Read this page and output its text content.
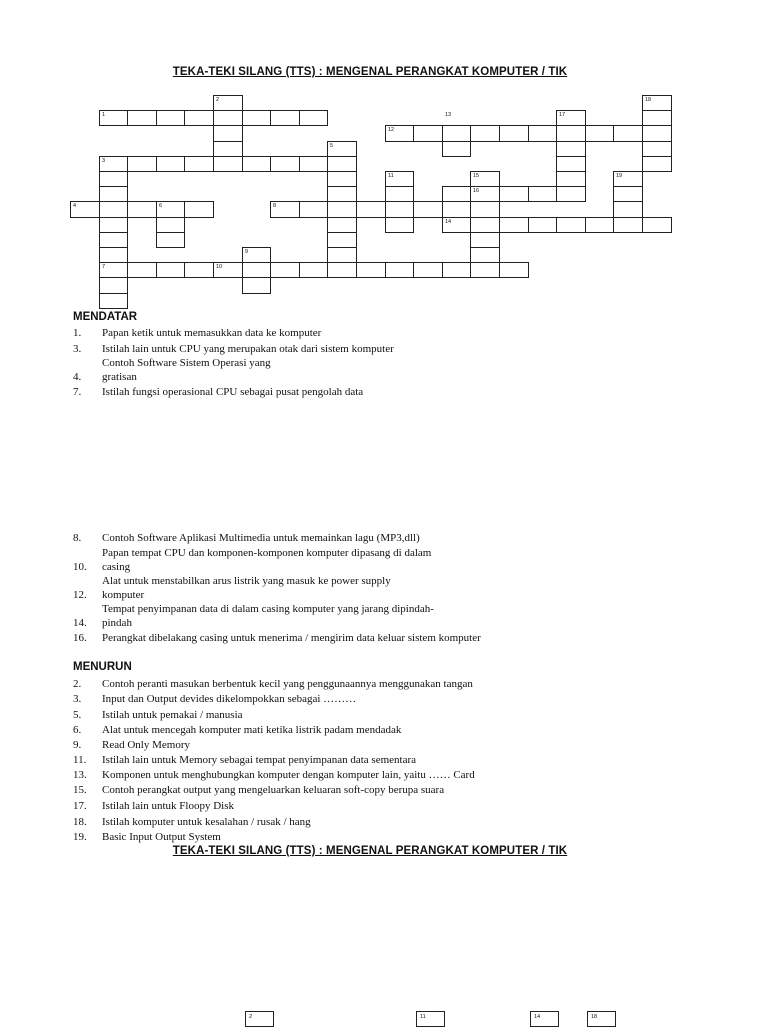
TEKA-TEKI SILANG (TTS) : MENGENAL PERANGKAT KOMPUTER / TIK
1
2
3
4
5
6
7
8
9
10
11
12
13
14
15
16
17
18
19
MENDATAR
1. Papan ketik untuk memasukkan data ke komputer
3. Istilah lain untuk CPU yang merupakan otak dari sistem komputer
Contoh Software Sistem Operasi yang
4. gratisan
7. Istilah fungsi operasional CPU sebagai pusat pengolah data
8. Contoh Software Aplikasi Multimedia untuk memainkan lagu (MP3,dll)
Papan tempat CPU dan komponen-komponen komputer dipasang di dalam
10. casing
Alat untuk menstabilkan arus listrik yang masuk ke power supply
12. komputer
Tempat penyimpanan data di dalam casing komputer yang jarang dipindah-
14. pindah
16. Perangkat dibelakang casing untuk menerima / mengirim data keluar sistem komputer
MENURUN
2. Contoh peranti masukan berbentuk kecil yang penggunaannya menggunakan tangan
3. Input dan Output devides dikelompokkan sebagai ………
5. Istilah untuk pemakai / manusia
6. Alat untuk mencegah komputer mati ketika listrik padam mendadak
9. Read Only Memory
11. Istilah lain untuk Memory sebagai tempat penyimpanan data sementara
13. Komponen untuk menghubungkan komputer dengan komputer lain, yaitu …… Card
15. Contoh perangkat output yang mengeluarkan keluaran soft-copy berupa suara
17. Istilah lain untuk Floopy Disk
18. Istilah komputer untuk kesalahan / rusak / hang
19. Basic Input Output System
TEKA-TEKI SILANG (TTS) : MENGENAL PERANGKAT KOMPUTER / TIK
2	11	14	18
